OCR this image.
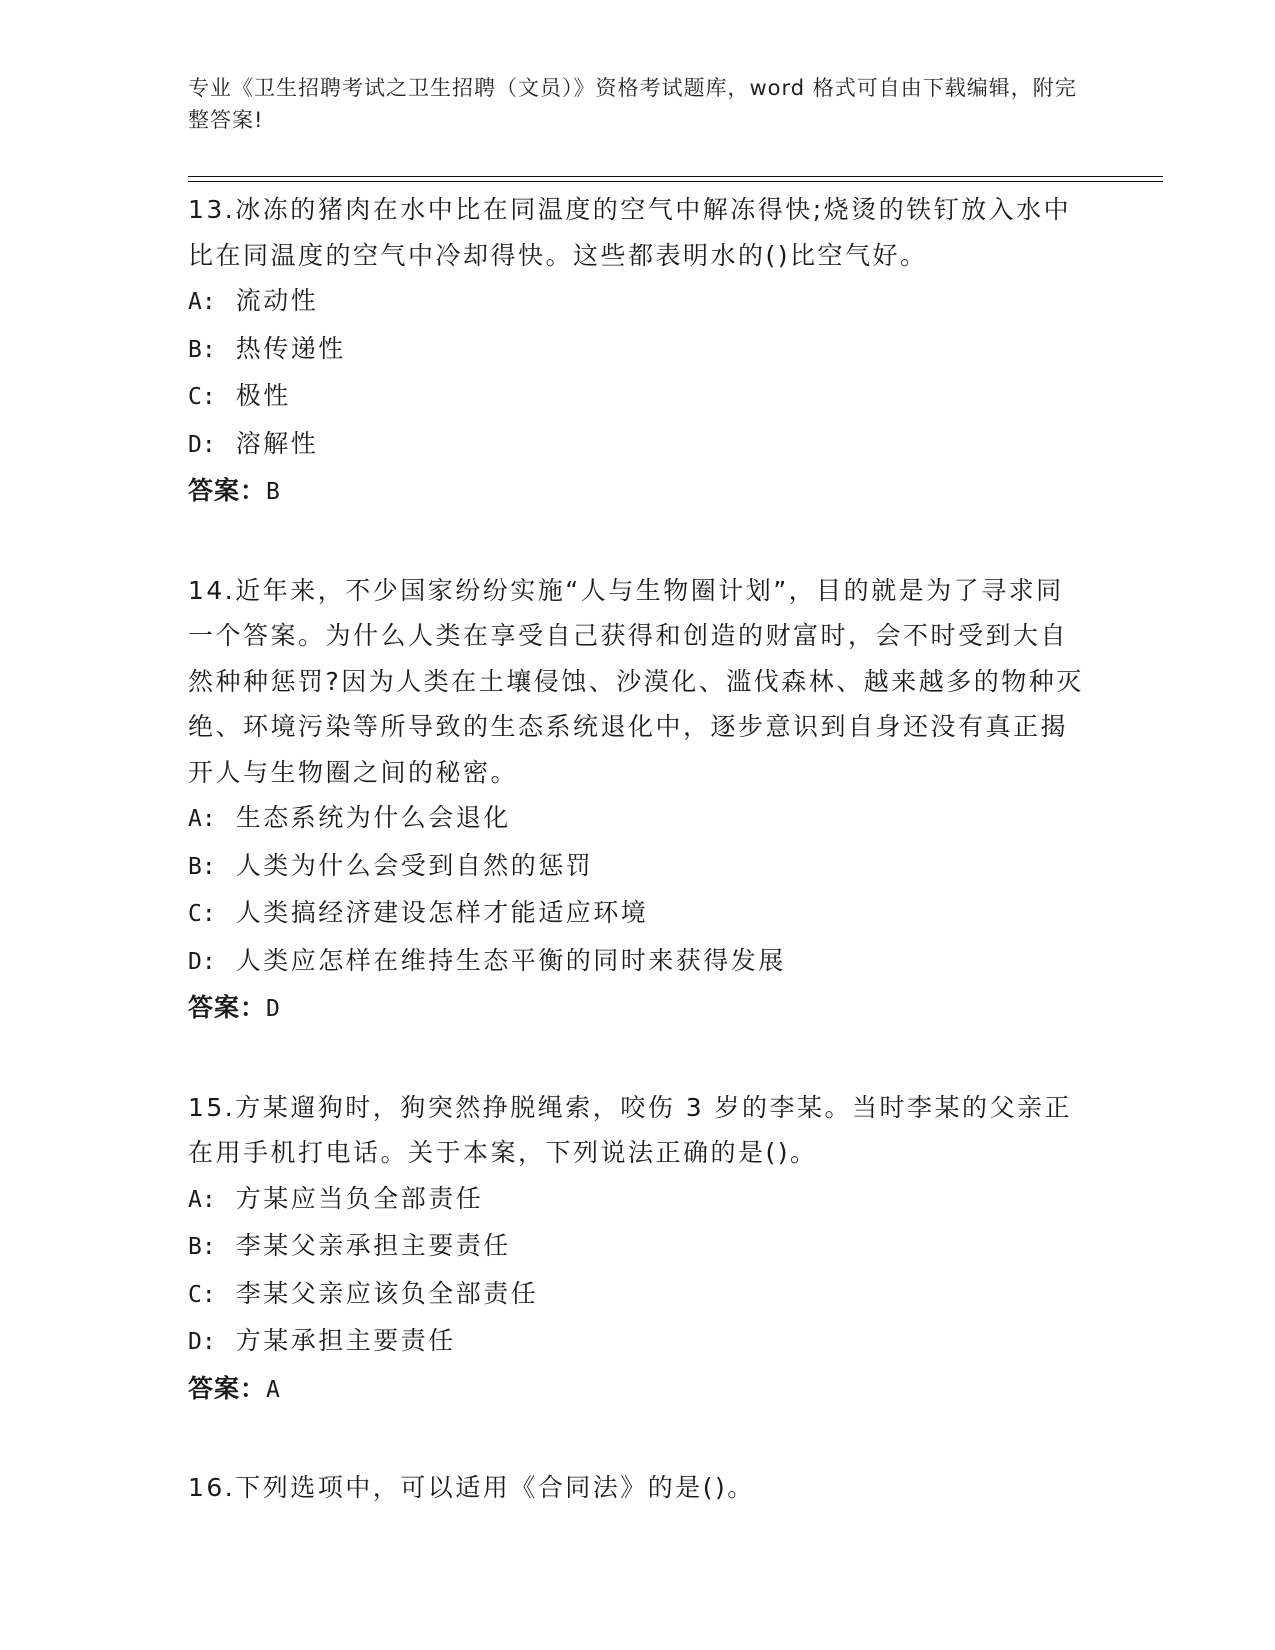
专业《卫生招聘考试之卫生招聘（文员）》资格考试题库，word 格式可自由下载编辑，附完整答案!

13.冰冻的猪肉在水中比在同温度的空气中解冻得快;烧烫的铁钉放入水中比在同温度的空气中冷却得快。这些都表明水的()比空气好。

A: 流动性

B: 热传递性

C: 极性

D: 溶解性

答案：B

14.近年来，不少国家纷纷实施“人与生物圈计划”，目的就是为了寻求同一个答案。为什么人类在享受自己获得和创造的财富时，会不时受到大自然种种惩罚?因为人类在土壤侵蚀、沙漠化、滥伐森林、越来越多的物种灭绝、环境污染等所导致的生态系统退化中，逐步意识到自身还没有真正揭开人与生物圈之间的秘密。

A: 生态系统为什么会退化

B: 人类为什么会受到自然的惩罚

C: 人类搞经济建设怎样才能适应环境

D: 人类应怎样在维持生态平衡的同时来获得发展

答案：D

15.方某遛狗时，狗突然挣脱绳索，咬伤 3 岁的李某。当时李某的父亲正在用手机打电话。关于本案，下列说法正确的是()。

A: 方某应当负全部责任

B: 李某父亲承担主要责任

C: 李某父亲应该负全部责任

D: 方某承担主要责任

答案：A

16.下列选项中，可以适用《合同法》的是()。
